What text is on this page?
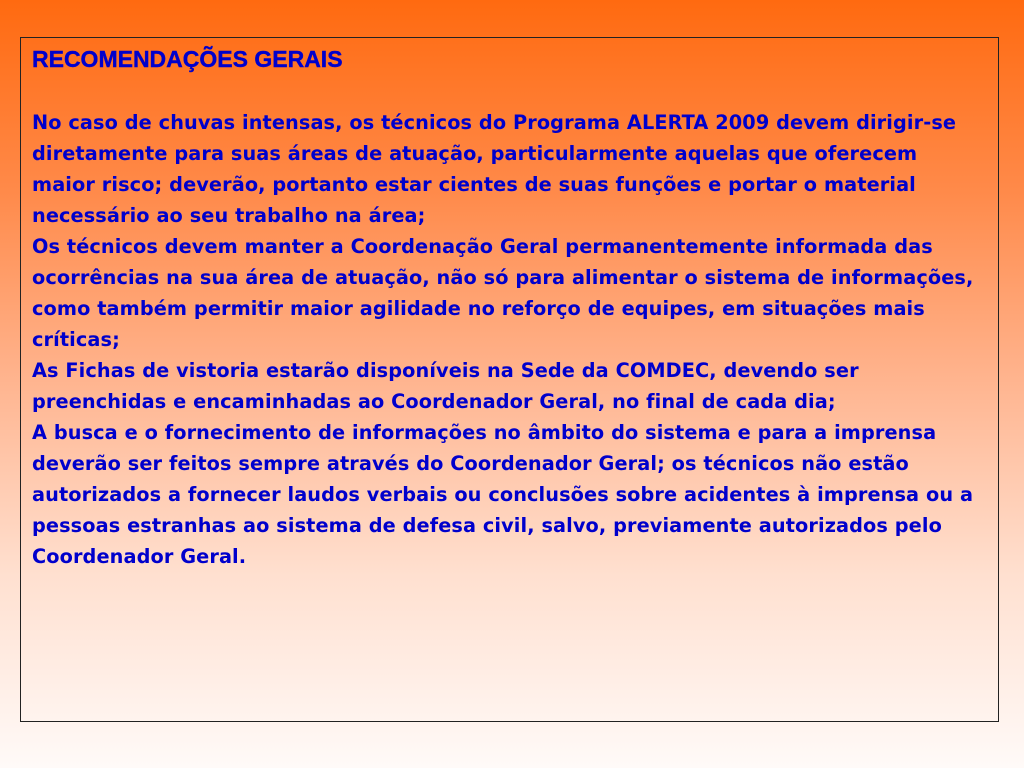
RECOMENDAÇÕES GERAIS

No caso de chuvas intensas, os técnicos do Programa ALERTA 2009 devem dirigir-se diretamente para suas áreas de atuação, particularmente aquelas que oferecem maior risco; deverão, portanto estar cientes de suas funções e portar o material necessário ao seu trabalho na área;

Os técnicos devem manter a Coordenação Geral permanentemente informada das ocorrências na sua área de atuação, não só para alimentar o sistema de informações, como também permitir maior agilidade no reforço de equipes, em situações mais críticas;

As Fichas de vistoria estarão disponíveis na Sede da COMDEC, devendo ser preenchidas e encaminhadas ao Coordenador Geral, no final de cada dia;

A busca e o fornecimento de informações no âmbito do sistema e para a imprensa deverão ser feitos sempre através do Coordenador Geral; os técnicos não estão autorizados a fornecer laudos verbais ou conclusões sobre acidentes à imprensa ou a pessoas estranhas ao sistema de defesa civil, salvo, previamente autorizados pelo Coordenador Geral.
